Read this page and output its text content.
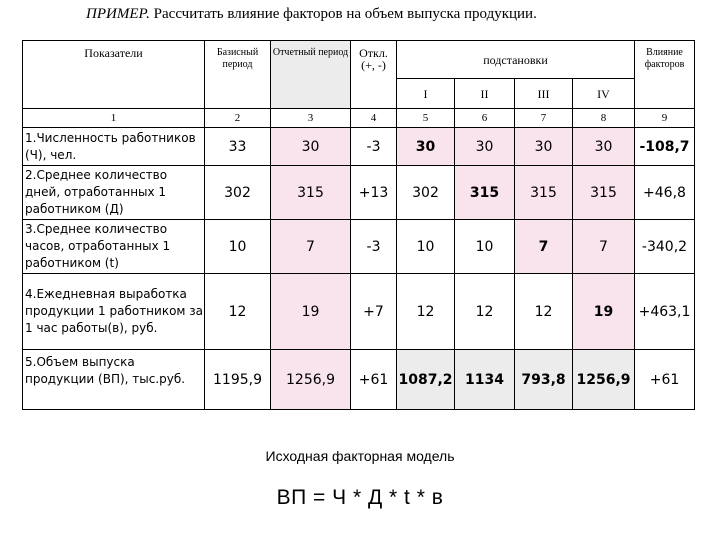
ПРИМЕР. Рассчитать влияние факторов на объем выпуска продукции.
Показатели	Базисный период	Отчетный период	Откл. (+, -)	подстановки				Влияние факторов
				I	II	III	IV	
1	2	3	4	5	6	7	8	9
1.Численность работников (Ч), чел.	33	30	-3	30	30	30	30	-108,7
2.Среднее количество дней, отработанных 1 работником (Д)	302	315	+13	302	315	315	315	+46,8
3.Среднее количество часов, отработанных 1 работником (t)	10	7	-3	10	10	7	7	-340,2
4.Ежедневная выработка продукции 1 работником за 1 час работы(в), руб.	12	19	+7	12	12	12	19	+463,1
5.Объем выпуска продукции (ВП), тыс.руб.	1195,9	1256,9	+61	1087,2	1134	793,8	1256,9	+61
Исходная факторная модель
ВП = Ч * Д * t * в
